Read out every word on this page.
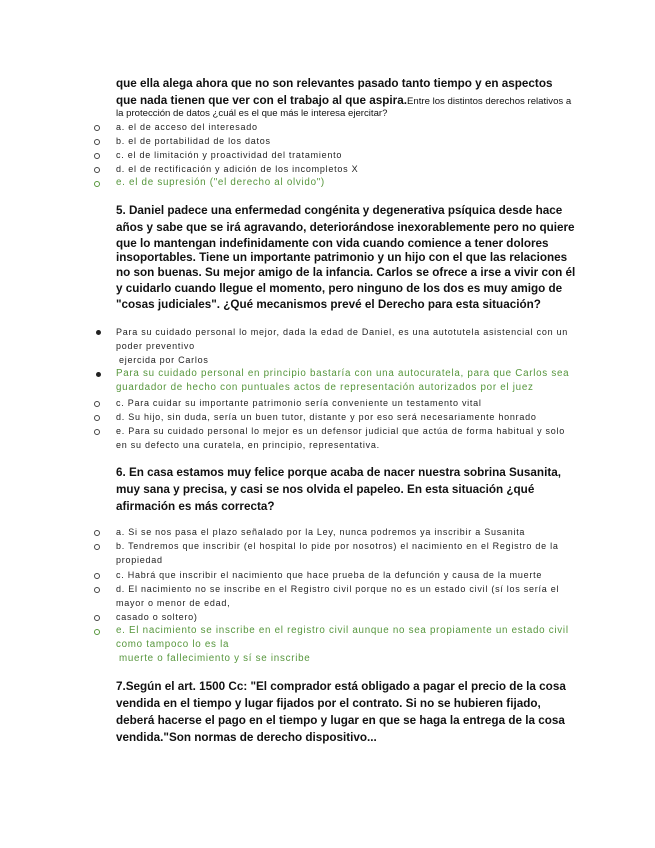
que ella alega ahora que no son relevantes pasado tanto tiempo y en aspectos
que nada tienen que ver con el trabajo al que aspira.Entre los distintos derechos relativos a
la protección de datos ¿cuál es el que más le interesa ejercitar?
a. el de acceso del interesado
b. el de portabilidad de los datos
c. el de limitación y proactividad del tratamiento
d. el de rectificación y adición de los incompletos X
e. el de supresión ("el derecho al olvido")
5. Daniel padece una enfermedad congénita y degenerativa psíquica desde hace
años y sabe que se irá agravando, deteriorándose inexorablemente pero no quiere
que lo mantengan indefinidamente con vida cuando comience a tener dolores
insoportables. Tiene un importante patrimonio y un hijo con el que las relaciones
no son buenas. Su mejor amigo de la infancia. Carlos se ofrece a irse a vivir con él
y cuidarlo cuando llegue el momento, pero ninguno de los dos es muy amigo de
"cosas judiciales". ¿Qué mecanismos prevé el Derecho para esta situación?
Para su cuidado personal lo mejor, dada la edad de Daniel, es una autotutela asistencial con un
poder preventivo
ejercida por Carlos
Para su cuidado personal en principio bastaría con una autocuratela, para que Carlos sea
guardador de hecho con puntuales actos de representación autorizados por el juez
c. Para cuidar su importante patrimonio sería conveniente un testamento vital
d. Su hijo, sin duda, sería un buen tutor, distante y por eso será necesariamente honrado
e. Para su cuidado personal lo mejor es un defensor judicial que actúa de forma habitual y solo
en su defecto una curatela, en principio, representativa.
6. En casa estamos muy felice porque acaba de nacer nuestra sobrina Susanita,
muy sana y precisa, y casi se nos olvida el papeleo. En esta situación ¿qué
afirmación es más correcta?
a. Si se nos pasa el plazo señalado por la Ley, nunca podremos ya inscribir a Susanita
b. Tendremos que inscribir (el hospital lo pide por nosotros) el nacimiento en el Registro de la
propiedad
c. Habrá que inscribir el nacimiento que hace prueba de la defunción y causa de la muerte
d. El nacimiento no se inscribe en el Registro civil porque no es un estado civil (sí los sería el
mayor o menor de edad,
casado o soltero)
e. El nacimiento se inscribe en el registro civil aunque no sea propiamente un estado civil
como tampoco lo es la
muerte o fallecimiento y sí se inscribe
7.Según el art. 1500 Cc: "El comprador está obligado a pagar el precio de la cosa
vendida en el tiempo y lugar fijados por el contrato. Si no se hubieren fijado,
deberá hacerse el pago en el tiempo y lugar en que se haga la entrega de la cosa
vendida."Son normas de derecho dispositivo...
